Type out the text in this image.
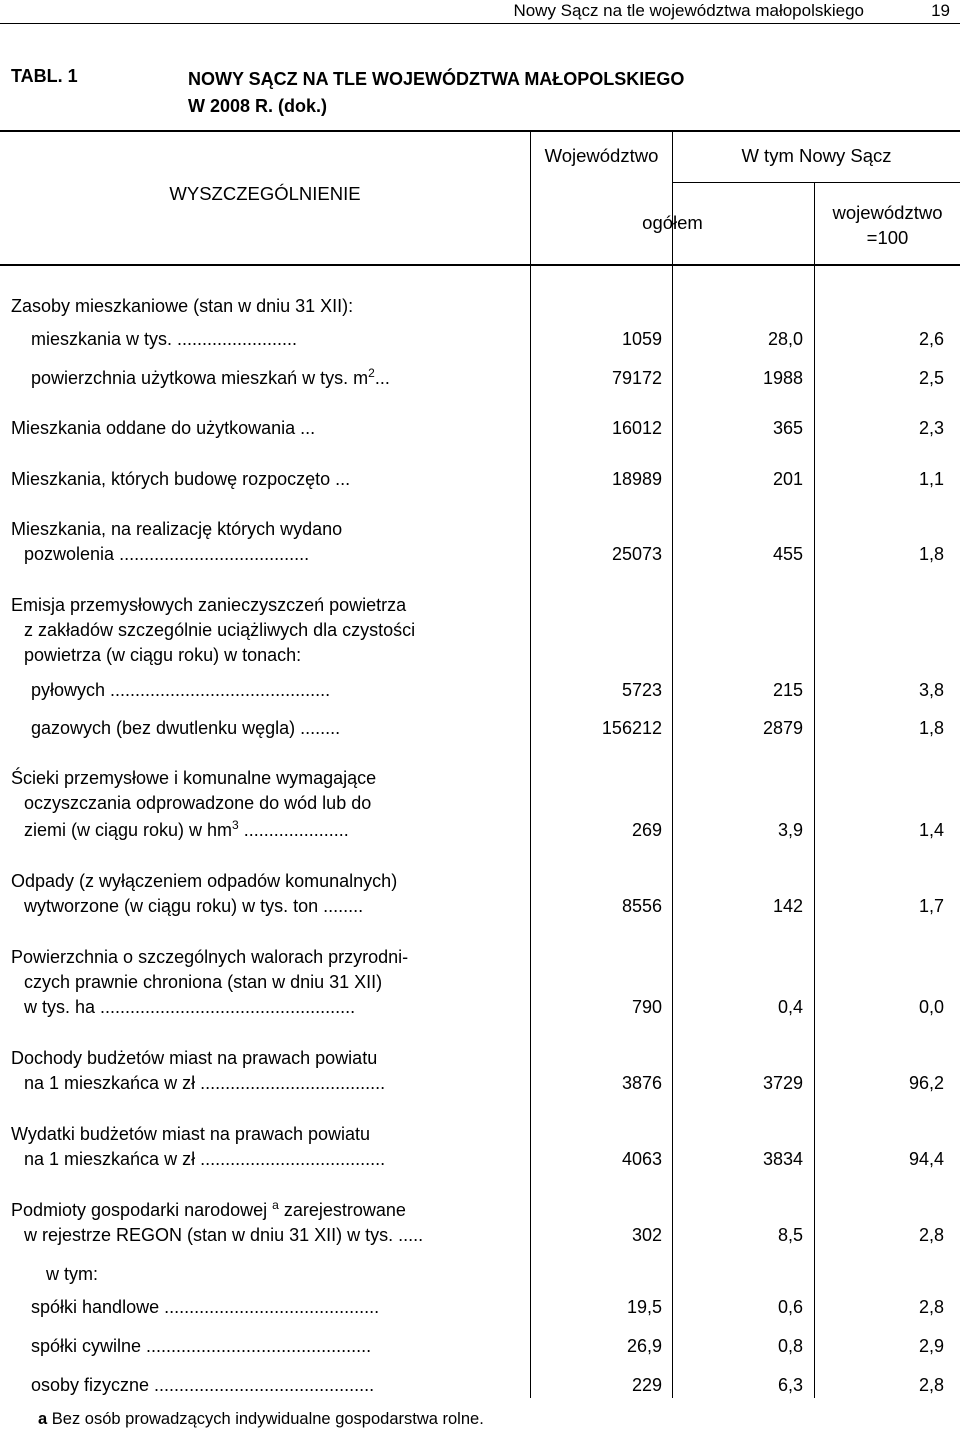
Nowy Sącz na tle województwa małopolskiego	19
TABL. 1	NOWY SĄCZ NA TLE WOJEWÓDZTWA MAŁOPOLSKIEGO
W 2008 R. (dok.)
WYSZCZEGÓLNIENIE
Województwo	W tym Nowy Sącz
ogółem	województwo
=100
Zasoby mieszkaniowe (stan w dniu 31 XII):
mieszkania w tys. ........................	1059	28,0	2,6
powierzchnia użytkowa mieszkań w tys. $m^2$...	79172	1988	2,5
Mieszkania oddane do użytkowania ...	16012	365	2,3
Mieszkania, których budowę rozpoczęto ...	18989	201	1,1
Mieszkania, na realizację których wydano
pozwolenia ......................................	25073	455	1,8
Emisja przemysłowych zanieczyszczeń powietrza
z zakładów szczególnie uciążliwych dla czystości
powietrza (w ciągu roku) w tonach:
pyłowych ............................................	5723	215	3,8
gazowych (bez dwutlenku węgla) ........	156212	2879	1,8
Ścieki przemysłowe i komunalne wymagające
oczyszczania odprowadzone do wód lub do
ziemi (w ciągu roku) w $hm^3$ .....................	269	3,9	1,4
Odpady (z wyłączeniem odpadów komunalnych)
wytworzone (w ciągu roku) w tys. ton ........	8556	142	1,7
Powierzchnia o szczególnych walorach przyrodni-
czych prawnie chroniona (stan w dniu 31 XII)
w tys. ha ...................................................	790	0,4	0,0
Dochody budżetów miast na prawach powiatu
na 1 mieszkańca w zł .....................................	3876	3729	96,2
Wydatki budżetów miast na prawach powiatu
na 1 mieszkańca w zł .....................................	4063	3834	94,4
Podmioty gospodarki narodowej $^a$ zarejestrowane
w rejestrze REGON (stan w dniu 31 XII) w tys. .....	302	8,5	2,8
w tym:
spółki handlowe ...........................................	19,5	0,6	2,8
spółki cywilne .............................................	26,9	0,8	2,9
osoby fizyczne ............................................	229	6,3	2,8
a Bez osób prowadzących indywidualne gospodarstwa rolne.
